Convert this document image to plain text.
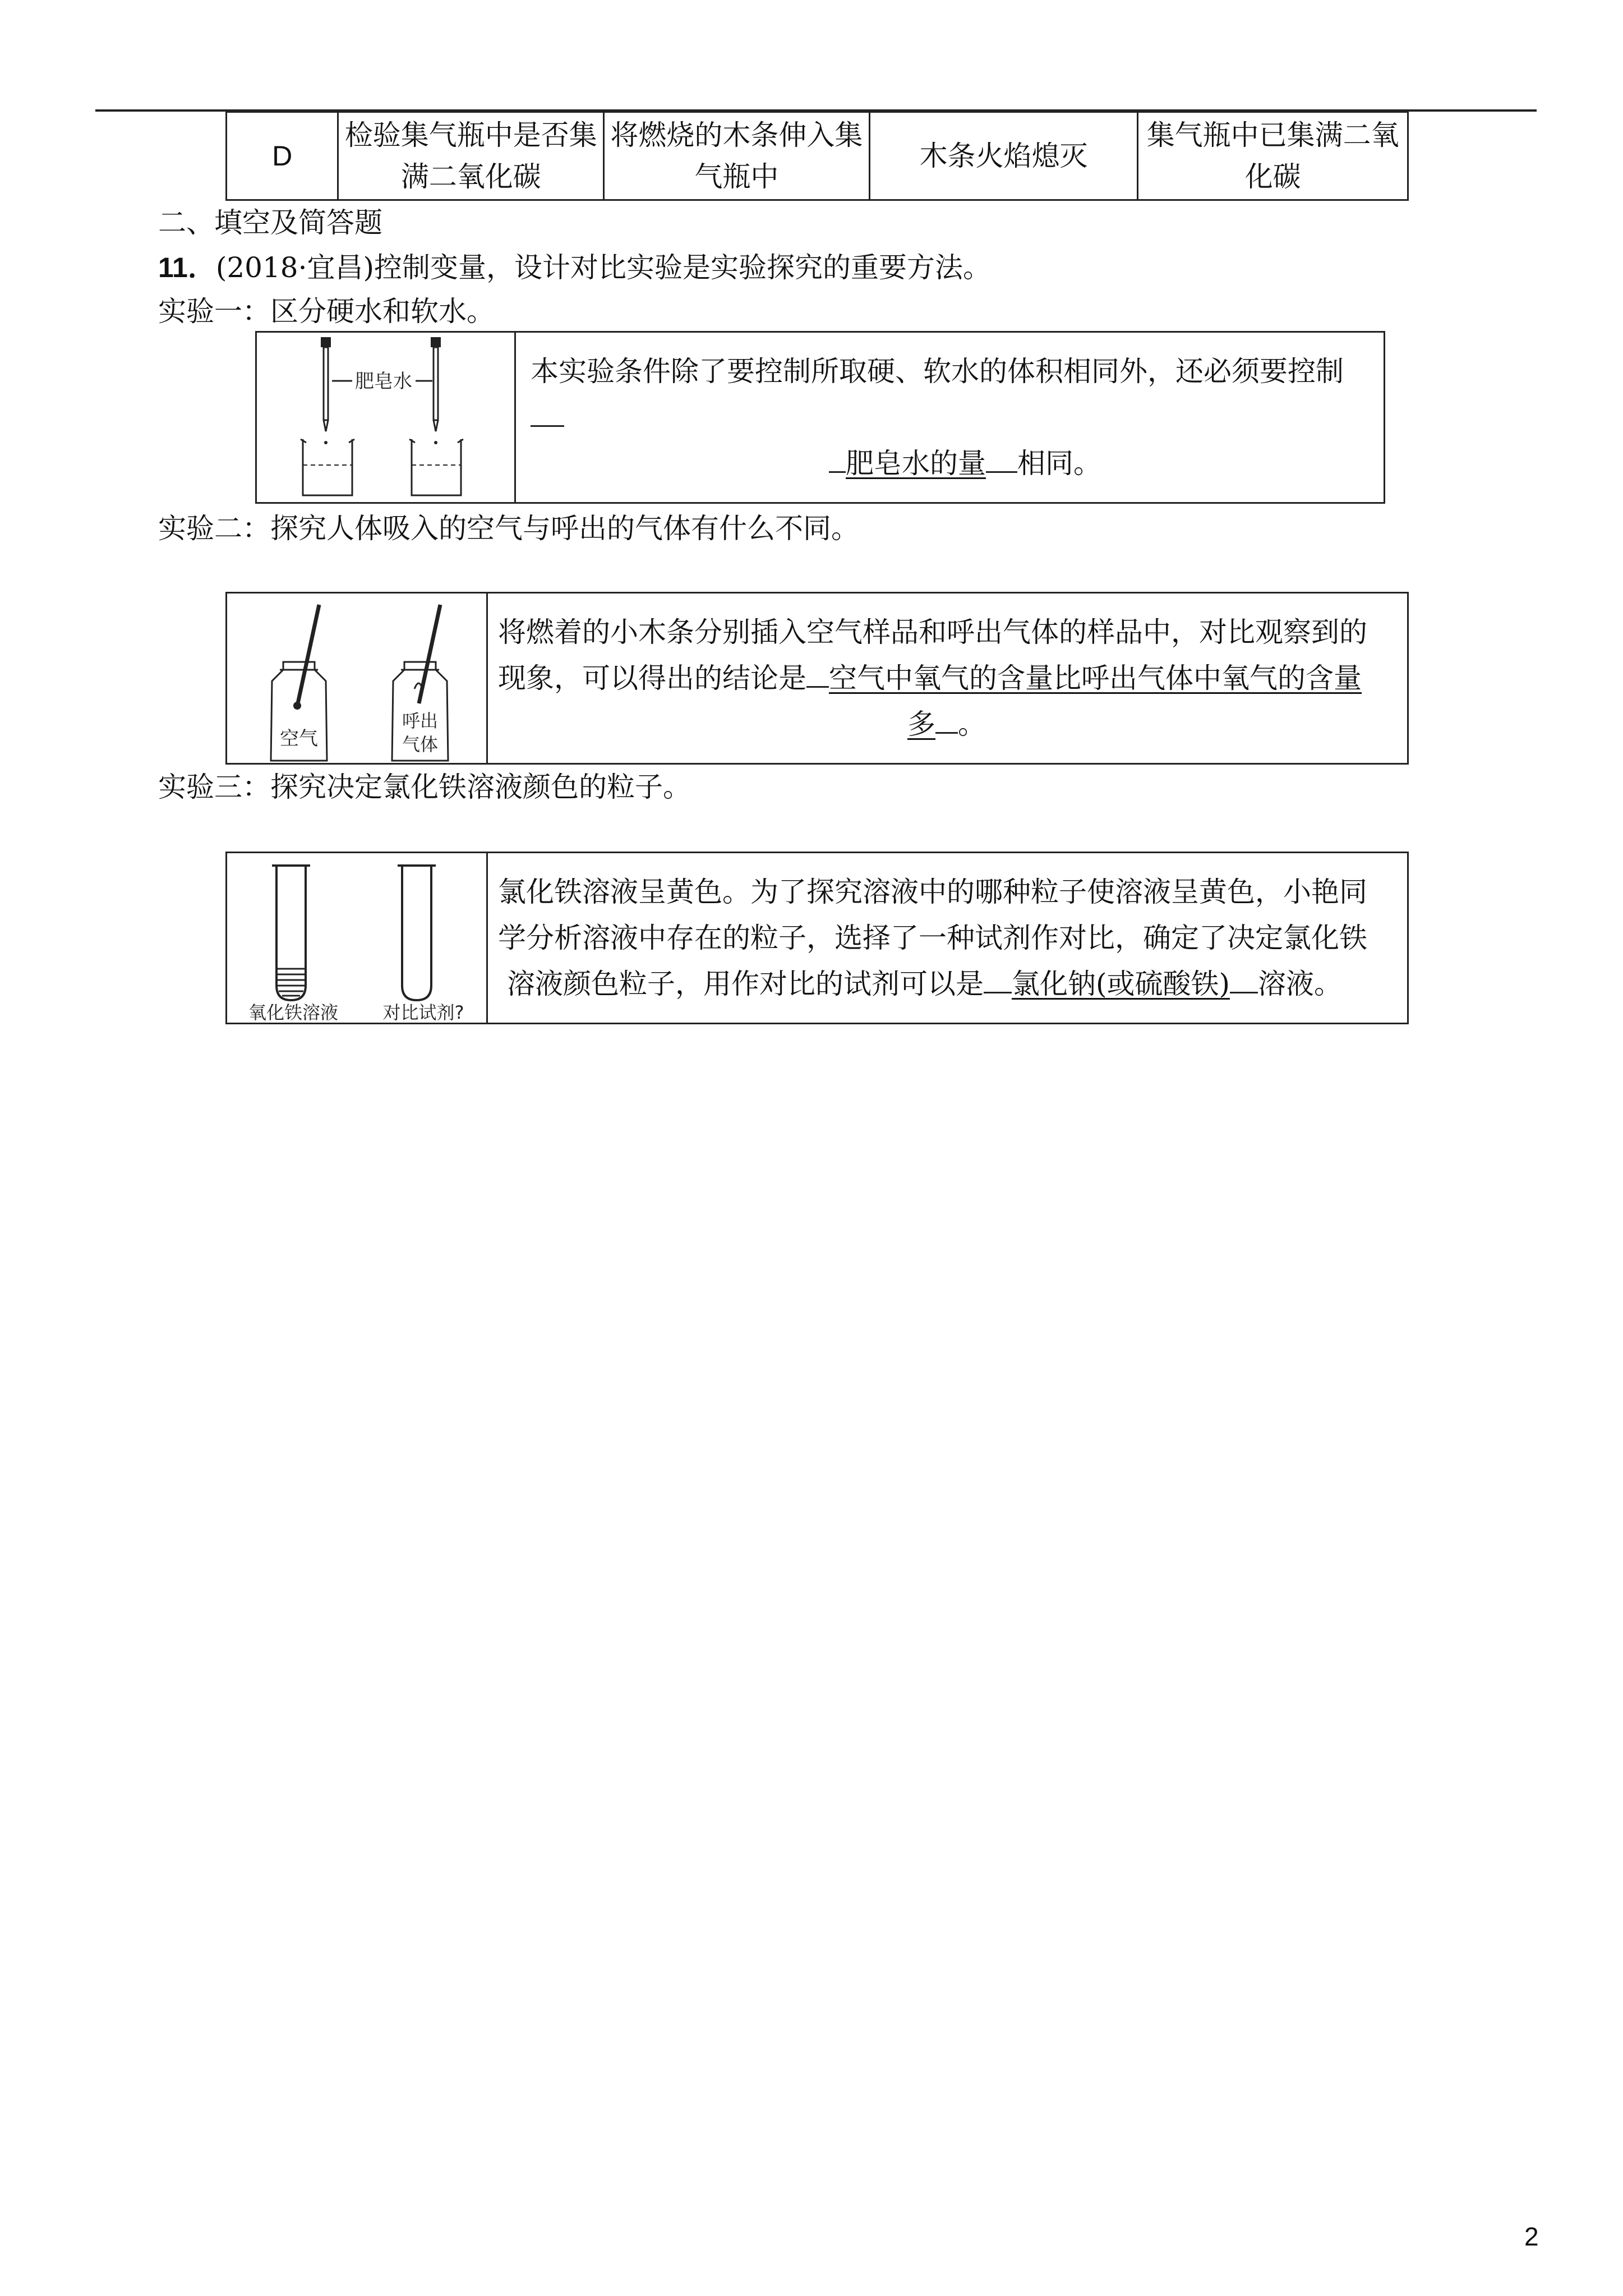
D
检验集气瓶中是否集满二氧化碳
将燃烧的木条伸入集气瓶中
木条火焰熄灭
集气瓶中已集满二氧化碳
二、填空及简答题
11．(2018·宜昌)控制变量，设计对比实验是实验探究的重要方法。
实验一：区分硬水和软水。
肥皂水	本实验条件除了要控制所取硬、软水的体积相同外，还必须要控制
肥皂水的量 相同。
实验二：探究人体吸入的空气与呼出的气体有什么不同。
空气
呼出
气体
将燃着的小木条分别插入空气样品和呼出气体的样品中，对比观察到的
现象，可以得出的结论是 空气中氧气的含量比呼出气体中氧气的含量
多 。
实验三：探究决定氯化铁溶液颜色的粒子。
氧化铁溶液 对比试剂?
氯化铁溶液呈黄色。为了探究溶液中的哪种粒子使溶液呈黄色，小艳同
学分析溶液中存在的粒子，选择了一种试剂作对比，确定了决定氯化铁
溶液颜色粒子，用作对比的试剂可以是 氯化钠(或硫酸铁) 溶液。
2
